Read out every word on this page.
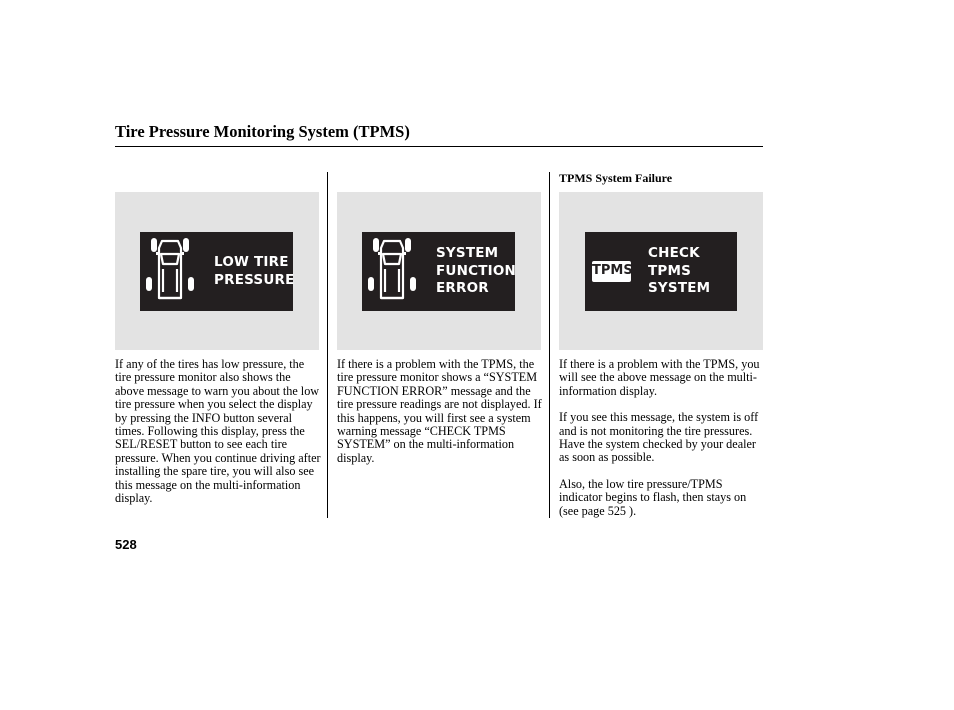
Tire Pressure Monitoring System (TPMS)
TPMS System Failure
LOW TIRE
PRESSURE
SYSTEM
FUNCTION
ERROR
TPMS
CHECK
TPMS
SYSTEM

If any of the tires has low pressure, the tire pressure monitor also shows the above message to warn you about the low tire pressure when you select the display by pressing the INFO button several times. Following this display, press the SEL/RESET button to see each tire pressure. When you continue driving after installing the spare tire, you will also see this message on the multi-information display.

If there is a problem with the TPMS, the tire pressure monitor shows a “SYSTEM FUNCTION ERROR” message and the tire pressure readings are not displayed. If this happens, you will first see a system warning message “CHECK TPMS SYSTEM” on the multi-information display.

If there is a problem with the TPMS, you will see the above message on the multi-information display.

If you see this message, the system is off and is not monitoring the tire pressures. Have the system checked by your dealer as soon as possible.

Also, the low tire pressure/TPMS indicator begins to flash, then stays on (see page 525 ).

528
